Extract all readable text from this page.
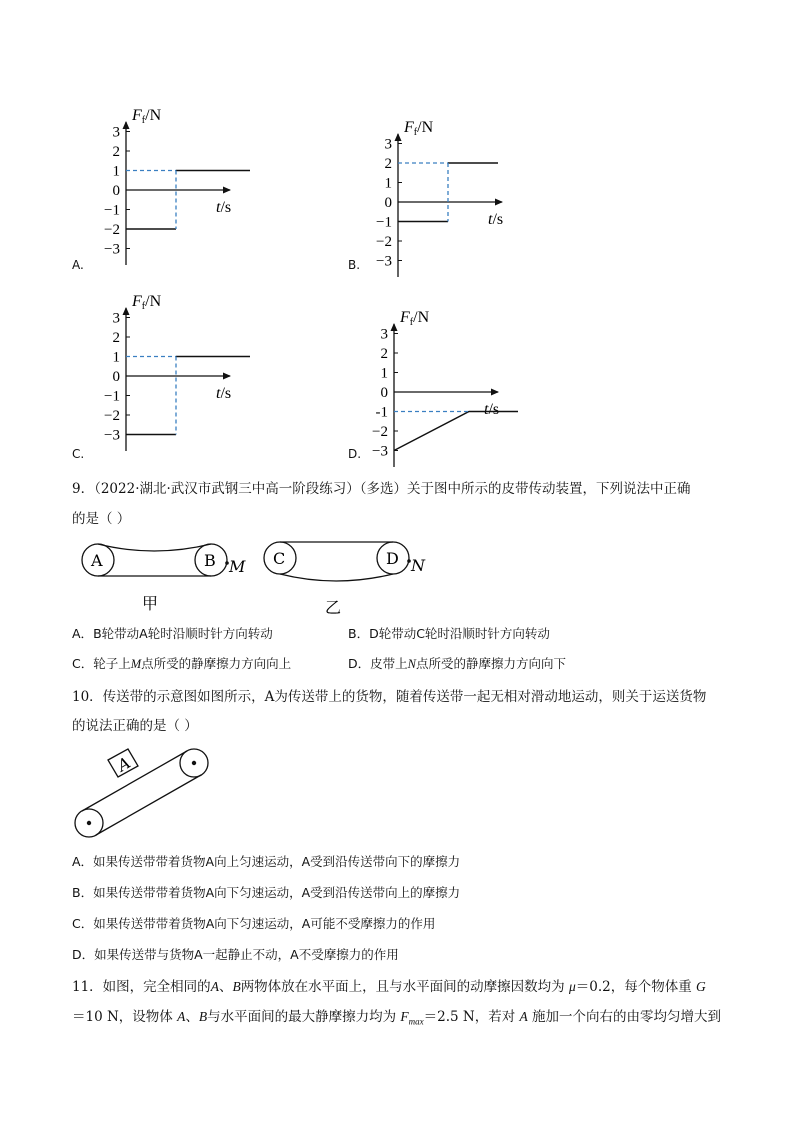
Ff/N
t/s
3
2
1
0
−1
−2
−3
A.
Ff/N
t/s
3
2
1
0
−1
−2
−3
B.
Ff/N
t/s
3
2
1
0
−1
−2
−3
C.
Ff/N
t/s
3
2
1
0
-1
−2
−3
D.
9．（2022·湖北·武汉市武钢三中高一阶段练习）（多选）关于图中所示的皮带传动装置，下列说法中正确
的是（ ）
A	B M
甲
C	D N
乙
A．B轮带动A轮时沿顺时针方向转动	B．D轮带动C轮时沿顺时针方向转动
C．轮子上M点所受的静摩擦力方向向上	D．皮带上N点所受的静摩擦力方向向下
10．传送带的示意图如图所示，A为传送带上的货物，随着传送带一起无相对滑动地运动，则关于运送货物
的说法正确的是（ ）
A
A．如果传送带带着货物A向上匀速运动，A受到沿传送带向下的摩擦力
B．如果传送带带着货物A向下匀速运动，A受到沿传送带向上的摩擦力
C．如果传送带带着货物A向下匀速运动，A可能不受摩擦力的作用
D．如果传送带与货物A一起静止不动，A不受摩擦力的作用
11．如图，完全相同的A、B两物体放在水平面上，且与水平面间的动摩擦因数均为 μ＝0.2，每个物体重 G
＝10 N，设物体 A、B与水平面间的最大静摩擦力均为 $F_{max}=2.5$ N，若对 A 施加一个向右的由零均匀增大到
